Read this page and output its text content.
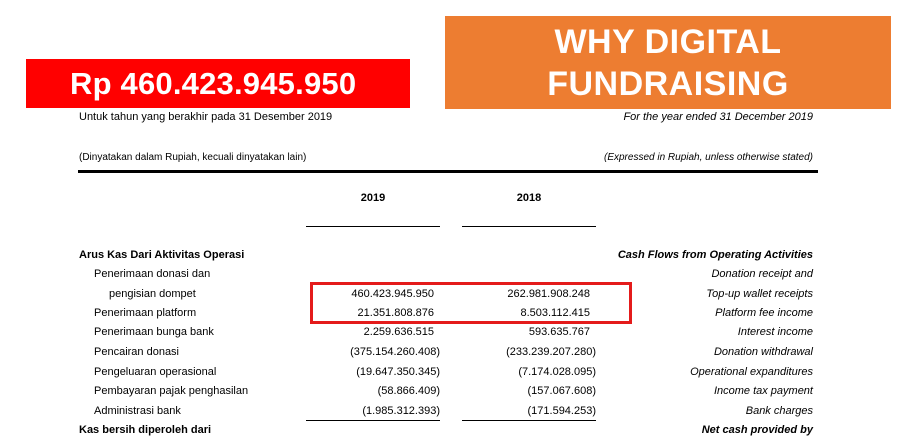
Rp 460.423.945.950
WHY DIGITAL
FUNDRAISING
Untuk tahun yang berakhir pada 31 Desember 2019	For the year ended 31 December 2019
(Dinyatakan dalam Rupiah, kecuali dinyatakan lain)	(Expressed in Rupiah, unless otherwise stated)
2019	2018
Arus Kas Dari Aktivitas Operasi	Cash Flows from Operating Activities
Penerimaan donasi dan	Donation receipt and
pengisian dompet	460.423.945.950	262.981.908.248	Top-up wallet receipts
Penerimaan platform	21.351.808.876	8.503.112.415	Platform fee income
Penerimaan bunga bank	2.259.636.515	593.635.767	Interest income
Pencairan donasi	(375.154.260.408)	(233.239.207.280)	Donation withdrawal
Pengeluaran operasional	(19.647.350.345)	(7.174.028.095)	Operational expanditures
Pembayaran pajak penghasilan	(58.866.409)	(157.067.608)	Income tax payment
Administrasi bank	(1.985.312.393)	(171.594.253)	Bank charges
Kas bersih diperoleh dari	Net cash provided by
